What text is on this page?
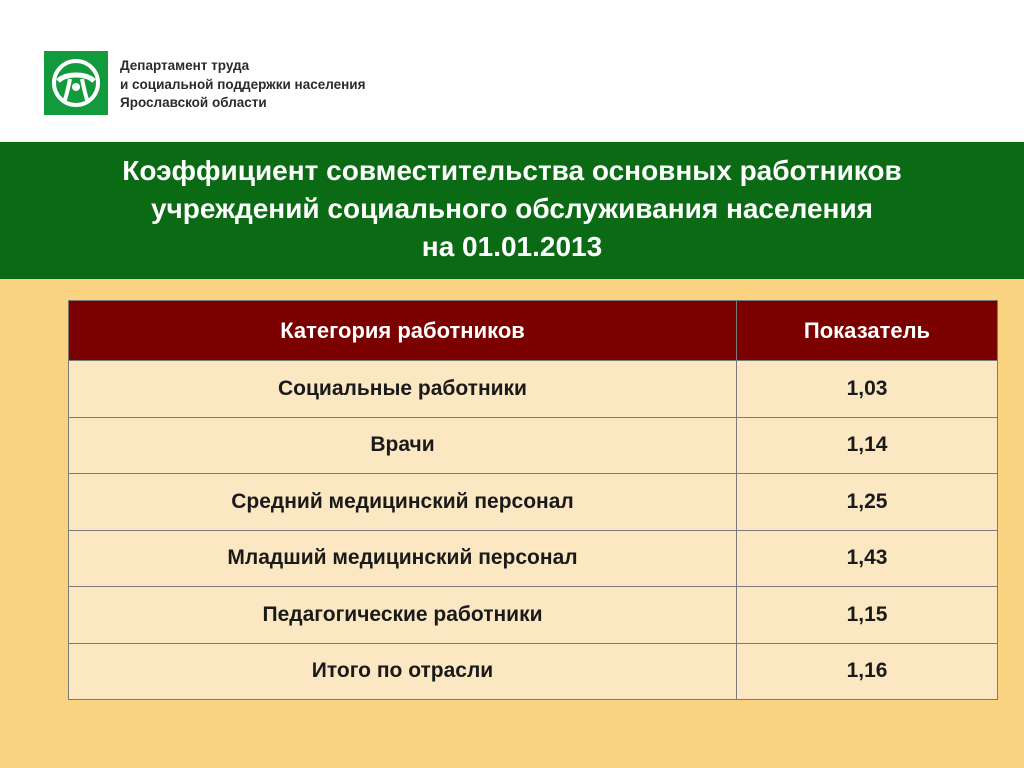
Департамент труда
и социальной поддержки населения
Ярославской области
Коэффициент совместительства основных работников
учреждений социального обслуживания населения
на 01.01.2013
Категория работников	Показатель
Социальные работники	1,03
Врачи	1,14
Средний медицинский персонал	1,25
Младший медицинский персонал	1,43
Педагогические работники	1,15
Итого по отрасли	1,16
